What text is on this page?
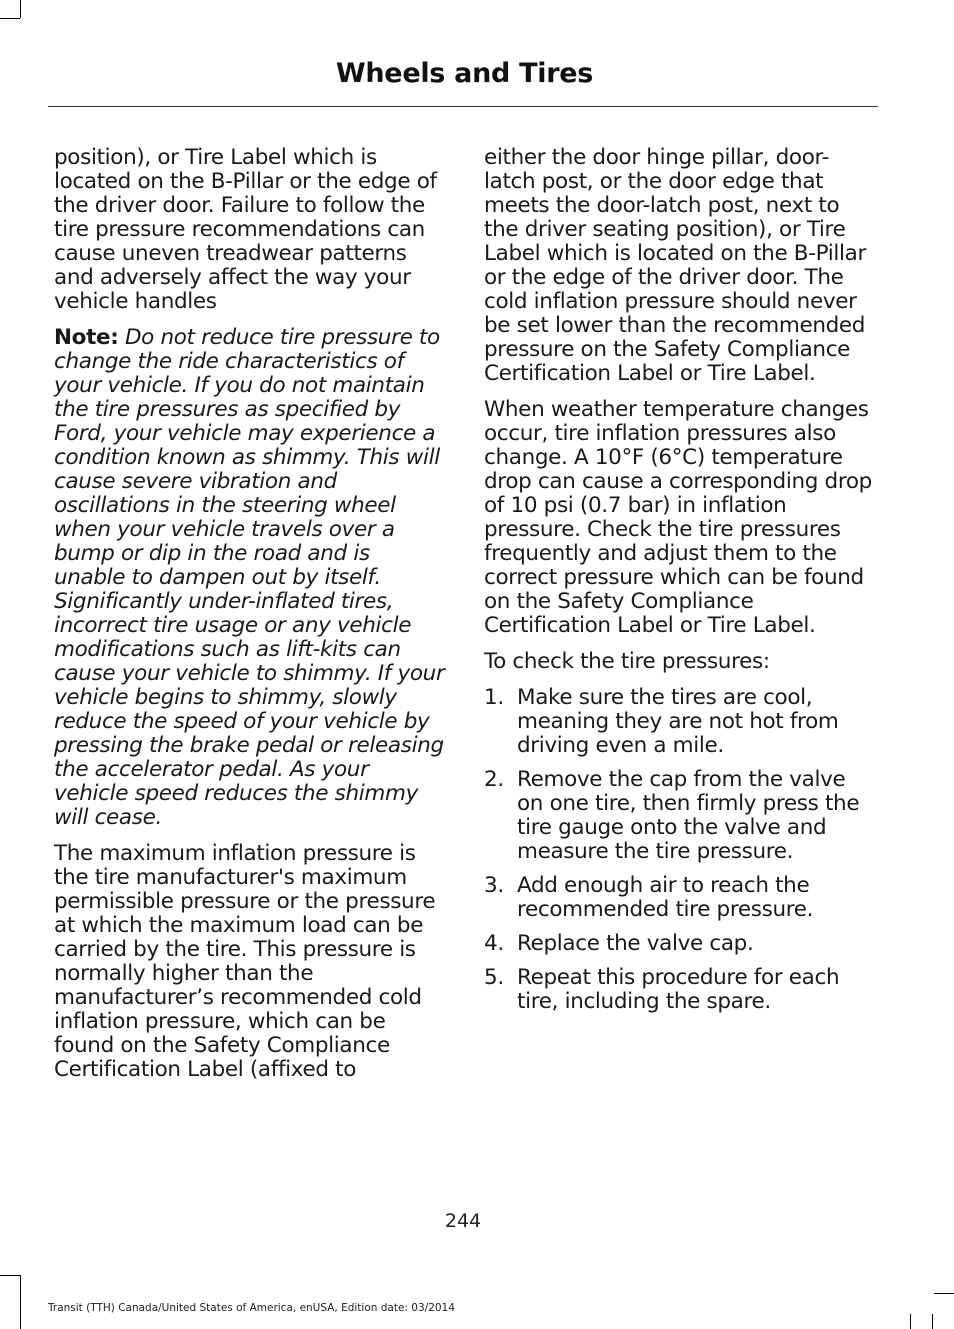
Wheels and Tires

position), or Tire Label which is located on the B-Pillar or the edge of the driver door. Failure to follow the tire pressure recommendations can cause uneven treadwear patterns and adversely affect the way your vehicle handles

Note: Do not reduce tire pressure to change the ride characteristics of your vehicle. If you do not maintain the tire pressures as specified by Ford, your vehicle may experience a condition known as shimmy. This will cause severe vibration and oscillations in the steering wheel when your vehicle travels over a bump or dip in the road and is unable to dampen out by itself. Significantly under-inflated tires, incorrect tire usage or any vehicle modifications such as lift-kits can cause your vehicle to shimmy. If your vehicle begins to shimmy, slowly reduce the speed of your vehicle by pressing the brake pedal or releasing the accelerator pedal. As your vehicle speed reduces the shimmy will cease.

The maximum inflation pressure is the tire manufacturer's maximum permissible pressure or the pressure at which the maximum load can be carried by the tire. This pressure is normally higher than the manufacturer’s recommended cold inflation pressure, which can be found on the Safety Compliance Certification Label (affixed to

either the door hinge pillar, door-latch post, or the door edge that meets the door-latch post, next to the driver seating position), or Tire Label which is located on the B-Pillar or the edge of the driver door. The cold inflation pressure should never be set lower than the recommended pressure on the Safety Compliance Certification Label or Tire Label.

When weather temperature changes occur, tire inflation pressures also change. A 10°F (6°C) temperature drop can cause a corresponding drop of 10 psi (0.7 bar) in inflation pressure. Check the tire pressures frequently and adjust them to the correct pressure which can be found on the Safety Compliance Certification Label or Tire Label.

To check the tire pressures:

1. Make sure the tires are cool, meaning they are not hot from driving even a mile.
2. Remove the cap from the valve on one tire, then firmly press the tire gauge onto the valve and measure the tire pressure.
3. Add enough air to reach the recommended tire pressure.
4. Replace the valve cap.
5. Repeat this procedure for each tire, including the spare.
244
Transit (TTH) Canada/United States of America, enUSA, Edition date: 03/2014
